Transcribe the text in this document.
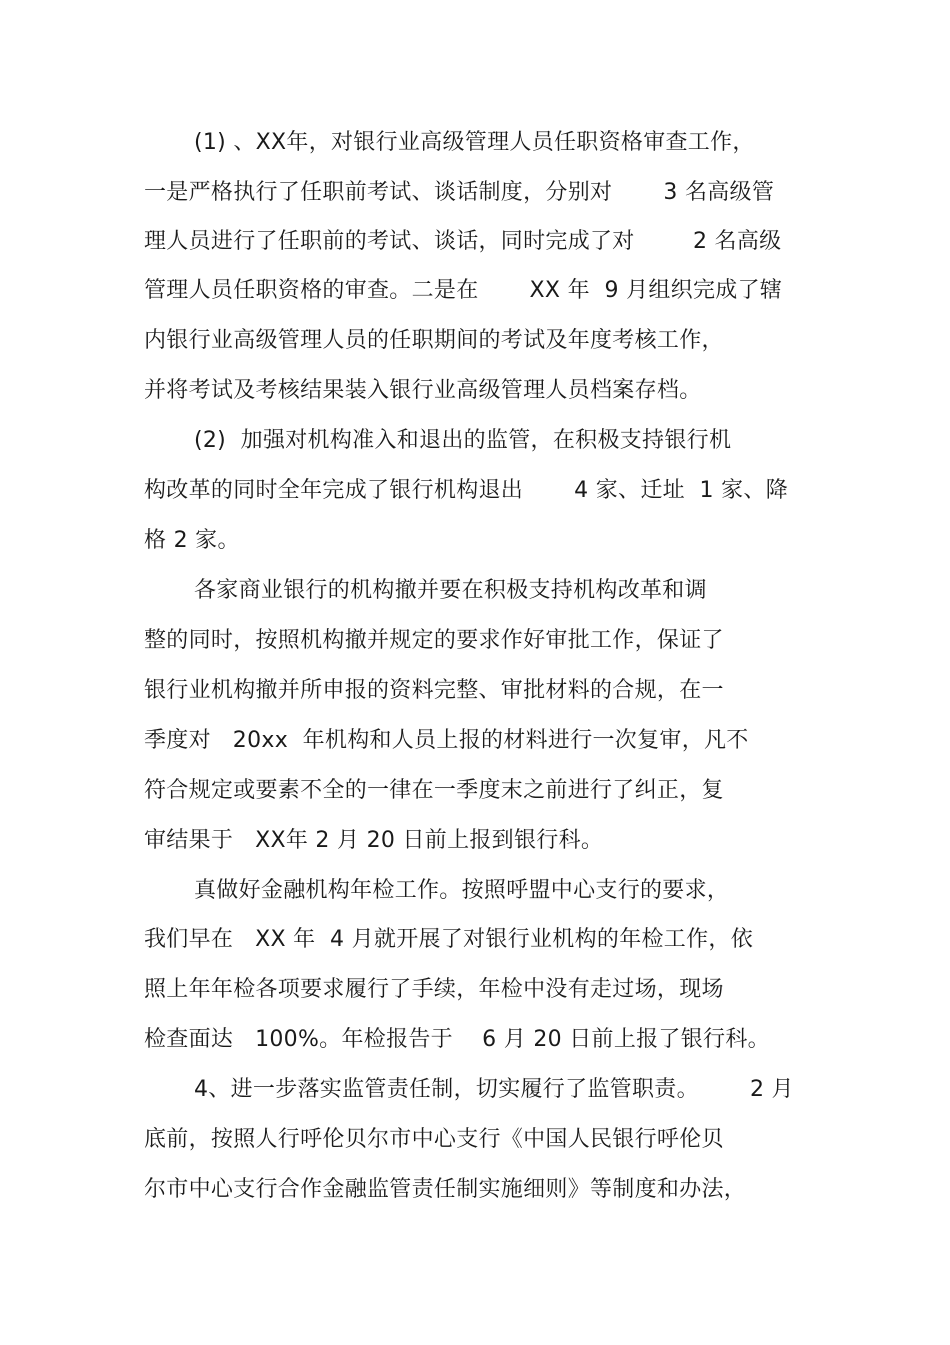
(1) 、XX年，对银行业高级管理人员任职资格审查工作，

一是严格执行了任职前考试、谈话制度，分别对       3 名高级管

理人员进行了任职前的考试、谈话，同时完成了对        2 名高级

管理人员任职资格的审查。二是在       XX 年  9 月组织完成了辖

内银行业高级管理人员的任职期间的考试及年度考核工作，

并将考试及考核结果装入银行业高级管理人员档案存档。

(2)  加强对机构准入和退出的监管，在积极支持银行机

构改革的同时全年完成了银行机构退出       4 家、迁址  1 家、降

格 2 家。

各家商业银行的机构撤并要在积极支持机构改革和调

整的同时，按照机构撤并规定的要求作好审批工作，保证了

银行业机构撤并所申报的资料完整、审批材料的合规，在一

季度对   20xx  年机构和人员上报的材料进行一次复审，凡不

符合规定或要素不全的一律在一季度末之前进行了纠正，复

审结果于   XX年 2 月 20 日前上报到银行科。

真做好金融机构年检工作。按照呼盟中心支行的要求，

我们早在   XX 年  4 月就开展了对银行业机构的年检工作，依

照上年年检各项要求履行了手续，年检中没有走过场，现场

检查面达   100%。年检报告于    6 月 20 日前上报了银行科。

4、进一步落实监管责任制，切实履行了监管职责。       2 月

底前，按照人行呼伦贝尔市中心支行《中国人民银行呼伦贝

尔市中心支行合作金融监管责任制实施细则》等制度和办法，
